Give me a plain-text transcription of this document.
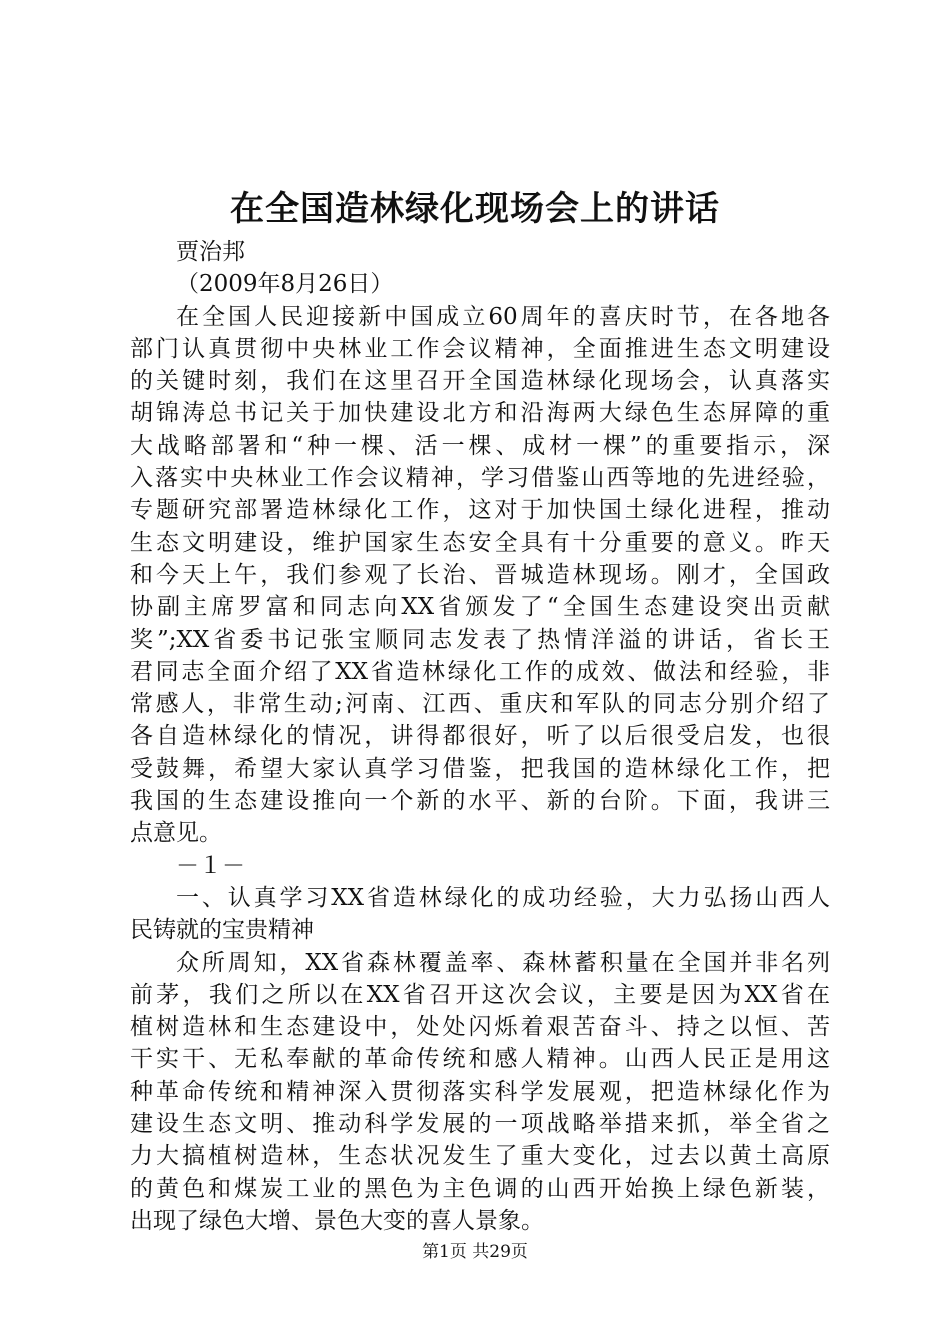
在全国造林绿化现场会上的讲话
贾治邦
（2009年8月26日）
在全国人民迎接新中国成立60周年的喜庆时节，在各地各
部门认真贯彻中央林业工作会议精神，全面推进生态文明建设
的关键时刻，我们在这里召开全国造林绿化现场会，认真落实
胡锦涛总书记关于加快建设北方和沿海两大绿色生态屏障的重
大战略部署和“种一棵、活一棵、成材一棵”的重要指示，深
入落实中央林业工作会议精神，学习借鉴山西等地的先进经验，
专题研究部署造林绿化工作，这对于加快国土绿化进程，推动
生态文明建设，维护国家生态安全具有十分重要的意义。昨天
和今天上午，我们参观了长治、晋城造林现场。刚才，全国政
协副主席罗富和同志向XX省颁发了“全国生态建设突出贡献
奖”;XX省委书记张宝顺同志发表了热情洋溢的讲话，省长王
君同志全面介绍了XX省造林绿化工作的成效、做法和经验，非
常感人，非常生动;河南、江西、重庆和军队的同志分别介绍了
各自造林绿化的情况，讲得都很好，听了以后很受启发，也很
受鼓舞，希望大家认真学习借鉴，把我国的造林绿化工作，把
我国的生态建设推向一个新的水平、新的台阶。下面，我讲三
点意见。
－１－
一、认真学习XX省造林绿化的成功经验，大力弘扬山西人
民铸就的宝贵精神
众所周知，XX省森林覆盖率、森林蓄积量在全国并非名列
前茅，我们之所以在XX省召开这次会议，主要是因为XX省在
植树造林和生态建设中，处处闪烁着艰苦奋斗、持之以恒、苦
干实干、无私奉献的革命传统和感人精神。山西人民正是用这
种革命传统和精神深入贯彻落实科学发展观，把造林绿化作为
建设生态文明、推动科学发展的一项战略举措来抓，举全省之
力大搞植树造林，生态状况发生了重大变化，过去以黄土高原
的黄色和煤炭工业的黑色为主色调的山西开始换上绿色新装，
出现了绿色大增、景色大变的喜人景象。
第1页 共29页
